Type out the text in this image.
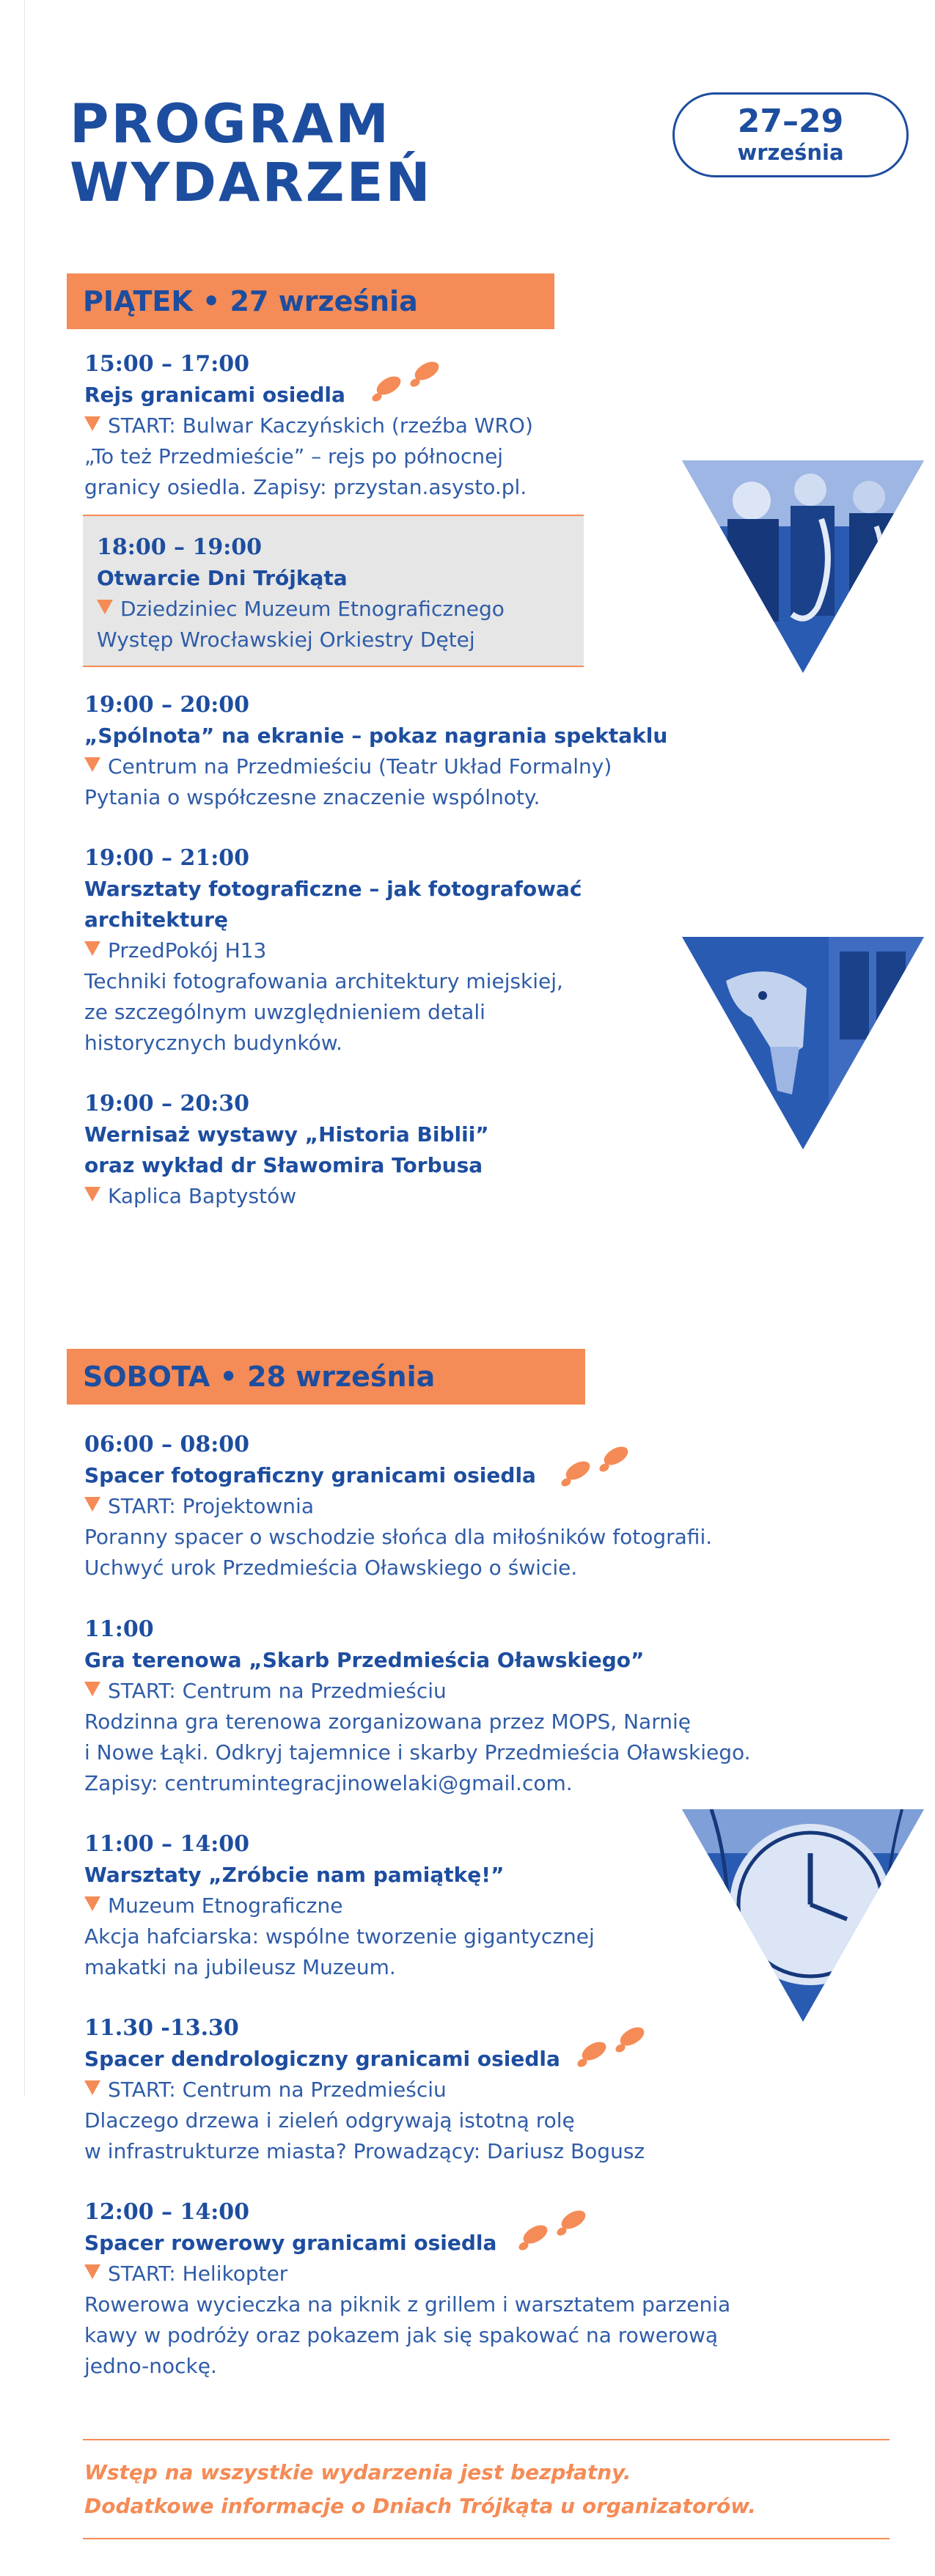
PROGRAM
WYDARZEŃ
27–29
września
PIĄTEK • 27 września
15:00 – 17:00
Rejs granicami osiedla
START: Bulwar Kaczyńskich (rzeźba WRO)
„To też Przedmieście” – rejs po północnej
granicy osiedla. Zapisy: przystan.asysto.pl.
18:00 – 19:00
Otwarcie Dni Trójkąta
Dziedziniec Muzeum Etnograficznego
Występ Wrocławskiej Orkiestry Dętej
19:00 – 20:00
„Spólnota” na ekranie – pokaz nagrania spektaklu
Centrum na Przedmieściu (Teatr Układ Formalny)
Pytania o współczesne znaczenie wspólnoty.
19:00 – 21:00
Warsztaty fotograficzne – jak fotografować
architekturę
PrzedPokój H13
Techniki fotografowania architektury miejskiej,
ze szczególnym uwzględnieniem detali
historycznych budynków.
19:00 – 20:30
Wernisaż wystawy „Historia Biblii”
oraz wykład dr Sławomira Torbusa
Kaplica Baptystów
SOBOTA • 28 września
06:00 – 08:00
Spacer fotograficzny granicami osiedla
START: Projektownia
Poranny spacer o wschodzie słońca dla miłośników fotografii.
Uchwyć urok Przedmieścia Oławskiego o świcie.
11:00
Gra terenowa „Skarb Przedmieścia Oławskiego”
START: Centrum na Przedmieściu
Rodzinna gra terenowa zorganizowana przez MOPS, Narnię
i Nowe Łąki. Odkryj tajemnice i skarby Przedmieścia Oławskiego.
Zapisy: centrumintegracjinowelaki@gmail.com.
11:00 – 14:00
Warsztaty „Zróbcie nam pamiątkę!”
Muzeum Etnograficzne
Akcja hafciarska: wspólne tworzenie gigantycznej
makatki na jubileusz Muzeum.
11.30 -13.30
Spacer dendrologiczny granicami osiedla
START: Centrum na Przedmieściu
Dlaczego drzewa i zieleń odgrywają istotną rolę
w infrastrukturze miasta? Prowadzący: Dariusz Bogusz
12:00 – 14:00
Spacer rowerowy granicami osiedla
START: Helikopter
Rowerowa wycieczka na piknik z grillem i warsztatem parzenia
kawy w podróży oraz pokazem jak się spakować na rowerową
jedno-nockę.
Wstęp na wszystkie wydarzenia jest bezpłatny.
Dodatkowe informacje o Dniach Trójkąta u organizatorów.
